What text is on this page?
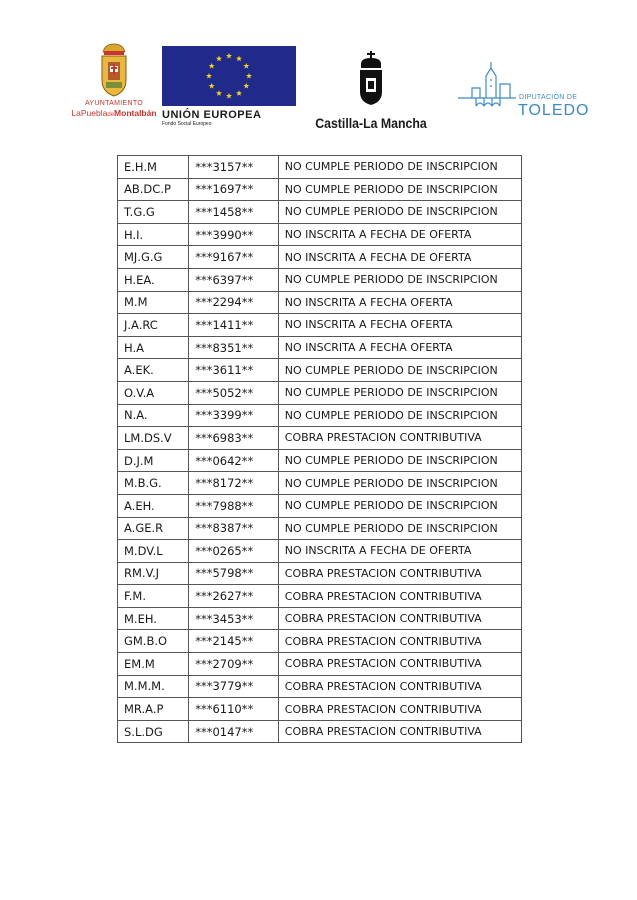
AYUNTAMIENTO
LaPuebladeMontalbán UNIÓN EUROPEA
Fondo Social Europeo	Castilla-La Mancha
DIPUTACIÓN DE
TOLEDO
E.H.M	***3157**	NO CUMPLE PERIODO DE INSCRIPCION
AB.DC.P	***1697**	NO CUMPLE PERIODO DE INSCRIPCION
T.G.G	***1458**	NO CUMPLE PERIODO DE INSCRIPCION
H.I.	***3990**	NO INSCRITA A FECHA DE OFERTA
MJ.G.G	***9167**	NO INSCRITA A FECHA DE OFERTA
H.EA.	***6397**	NO CUMPLE PERIODO DE INSCRIPCION
M.M	***2294**	NO INSCRITA A FECHA OFERTA
J.A.RC	***1411**	NO INSCRITA A FECHA OFERTA
H.A	***8351**	NO INSCRITA A FECHA OFERTA
A.EK.	***3611**	NO CUMPLE PERIODO DE INSCRIPCION
O.V.A	***5052**	NO CUMPLE PERIODO DE INSCRIPCION
N.A.	***3399**	NO CUMPLE PERIODO DE INSCRIPCION
LM.DS.V	***6983**	COBRA PRESTACION CONTRIBUTIVA
D.J.M	***0642**	NO CUMPLE PERIODO DE INSCRIPCION
M.B.G.	***8172**	NO CUMPLE PERIODO DE INSCRIPCION
A.EH.	***7988**	NO CUMPLE PERIODO DE INSCRIPCION
A.GE.R	***8387**	NO CUMPLE PERIODO DE INSCRIPCION
M.DV.L	***0265**	NO INSCRITA A FECHA DE OFERTA
RM.V.J	***5798**	COBRA PRESTACION CONTRIBUTIVA
F.M.	***2627**	COBRA PRESTACION CONTRIBUTIVA
M.EH.	***3453**	COBRA PRESTACION CONTRIBUTIVA
GM.B.O	***2145**	COBRA PRESTACION CONTRIBUTIVA
EM.M	***2709**	COBRA PRESTACION CONTRIBUTIVA
M.M.M.	***3779**	COBRA PRESTACION CONTRIBUTIVA
MR.A.P	***6110**	COBRA PRESTACION CONTRIBUTIVA
S.L.DG	***0147**	COBRA PRESTACION CONTRIBUTIVA
